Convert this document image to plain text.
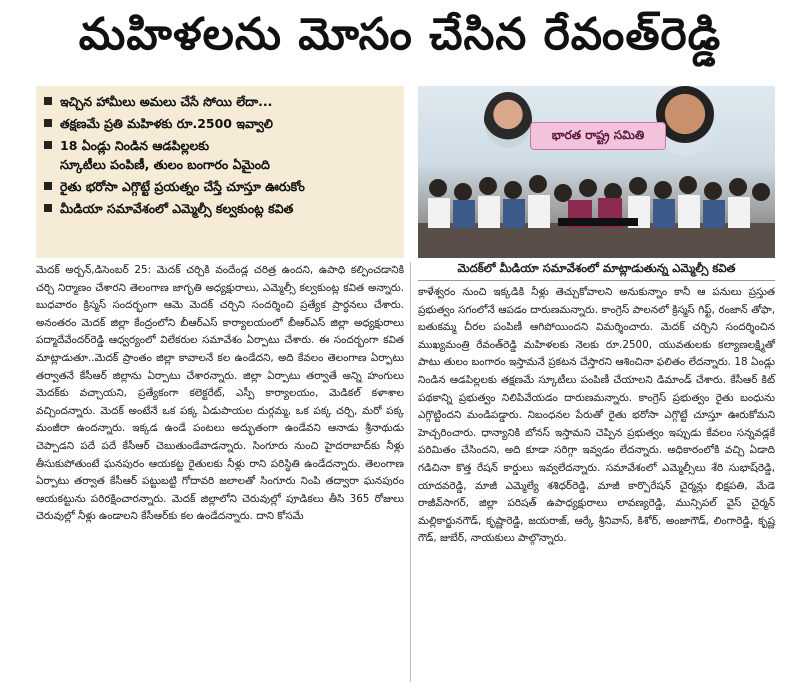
మహిళలను మోసం చేసిన రేవంత్‌రెడ్డి
ఇచ్చిన హామీలు అమలు చేసే సోయి లేదా...
తక్షణమే ప్రతి మహిళకు రూ.2500 ఇవ్వాలి
18 ఏండ్లు నిండిన ఆడపిల్లలకు
స్కూటీలు పంపిణీ, తులం బంగారం ఏమైంది
రైతు భరోసా ఎగ్గొట్టే ప్రయత్నం చేస్తే చూస్తూ ఊరుకోం
మీడియా సమావేశంలో ఎమ్మెల్సీ కల్వకుంట్ల కవిత
భారత రాష్ట్ర సమితి
మెదక్‌లో మీడియా సమావేశంలో మాట్లాడుతున్న ఎమ్మెల్సీ కవిత

మెదక్ అర్బన్,డిసెంబర్ 25: మెదక్ చర్చికి వందేండ్ల చరిత్ర ఉందని, ఉపాధి కల్పించడానికి చర్చి నిర్మాణం చేశారని తెలంగాణ జాగృతి అధ్యక్షురాలు, ఎమ్మెల్సీ కల్వకుంట్ల కవిత అన్నారు. బుధవారం క్రిస్మస్ సందర్భంగా ఆమె మెదక్ చర్చిని సందర్శించి ప్రత్యేక ప్రార్థనలు చేశారు. అనంతరం మెదక్ జిల్లా కేంద్రంలోని బీఆర్‌ఎస్ కార్యాలయంలో బీఆర్‌ఎస్ జిల్లా అధ్యక్షురాలు పద్మాదేవేందర్‌రెడ్డి ఆధ్వర్యంలో విలేకరుల సమావేశం ఏర్పాటు చేశారు. ఈ సందర్భంగా కవిత మాట్లాడుతూ..మెదక్ ప్రాంతం జిల్లా కావాలనే కల ఉండేదని, అది కేవలం తెలంగాణ ఏర్పాటు తర్వాతనే కేసీఆర్ జిల్లాను ఏర్పాటు చేశారన్నారు. జిల్లా ఏర్పాటు తర్వాతే అన్ని హంగులు మెదక్‌కు వచ్చాయని, ప్రత్యేకంగా కలెక్టరేట్, ఎస్పీ కార్యాలయం, మెడికల్ కళాశాల వచ్చిందన్నారు. మెదక్ అంటేనే ఒక పక్క ఏడుపాయల దుర్గమ్మ, ఒక పక్క చర్చి, మరో పక్క మంజీరా ఉందన్నారు. ఇక్కడ ఉండే పంటలు అద్భుతంగా ఉండేవని ఆనాడు శ్రీనాథుడు చెప్పాడని పదే పదే కేసీఆర్ చెబుతుండేవాడన్నారు. సింగూరు నుంచి హైదరాబాద్‌కు నీళ్లు తీసుకుపోతుంటే ఘనపురం ఆయకట్ట రైతులకు నీళ్లు రాని పరిస్థితి ఉండేదన్నారు. తెలంగాణ ఏర్పాటు తర్వాత కేసీఆర్ పట్టుబట్టి గోదావరి జలాలతో సింగూరు నింపి తద్వారా ఘనపురం ఆయకట్టును పరిరక్షించారన్నారు. మెదక్ జిల్లాలోని చెరువుల్లో పూడికలు తీసి 365 రోజులు చెరువుల్లో నీళ్లు ఉండాలని కేసీఆర్‌కు కల ఉండేదన్నారు. దాని కోసమే

కాళేశ్వరం నుంచి ఇక్కడికి నీళ్లు తెచ్చుకోవాలని అనుకున్నాం కానీ ఆ పనులు ప్రస్తుత ప్రభుత్వం సగంలోనే ఆపడం దారుణమన్నారు. కాంగ్రెస్ పాలనలో క్రిస్మస్ గిఫ్ట్, రంజాన్ తోఫా, బతుకమ్మ చీరల పంపిణీ ఆగిపోయిందని విమర్శించారు. మెదక్ చర్చిని సందర్శించిన ముఖ్యమంత్రి రేవంత్‌రెడ్డి మహిళలకు నెలకు రూ.2500, యువతులకు కల్యాణలక్ష్మితో పాటు తులం బంగారం ఇస్తామనే ప్రకటన చేస్తారని ఆశించినా ఫలితం లేదన్నారు. 18 ఏండ్లు నిండిన ఆడపిల్లలకు తక్షణమే స్కూటీలు పంపిణీ చేయాలని డిమాండ్ చేశారు. కేసీఆర్ కిట్ పథకాన్ని ప్రభుత్వం నిలిపివేయడం దారుణమన్నారు. కాంగ్రెస్ ప్రభుత్వం రైతు బంధును ఎగ్గొట్టిందని మండిపడ్డారు. నిబంధనల పేరుతో రైతు భరోసా ఎగ్గొట్టే చూస్తూ ఊరుకోమని హెచ్చరించారు. ధాన్యానికి బోనస్ ఇస్తామని చెప్పిన ప్రభుత్వం ఇప్పుడు కేవలం సన్నవడ్లకే పరిమితం చేసిందని, అది కూడా సరిగ్గా ఇవ్వడం లేదన్నారు. అధికారంలోకి వచ్చి ఏడాది గడిచినా కొత్త రేషన్ కార్డులు ఇవ్వలేదన్నారు. సమావేశంలో ఎమ్మెల్సీలు శేరి సుభాష్‌రెడ్డి, యాదవరెడ్డి, మాజీ ఎమ్మెల్యే శశిధర్‌రెడ్డి, మాజీ కార్పొరేషన్ చైర్మన్లు భిక్షపతి, మేడె రాజీవ్‌సాగర్, జిల్లా పరిషత్ ఉపాధ్యక్షురాలు లావణ్యరెడ్డి, మున్సిపల్ వైస్ చైర్మన్ మల్లికార్జునగౌడ్, కృష్ణారెడ్డి, జయరాజ్, ఆర్కే శ్రీనివాస్, కిశోర్, అంజాగౌడ్, లింగారెడ్డి, కృష్ణ గౌడ్, జుబేర్, నాయకులు పాల్గొన్నారు.
